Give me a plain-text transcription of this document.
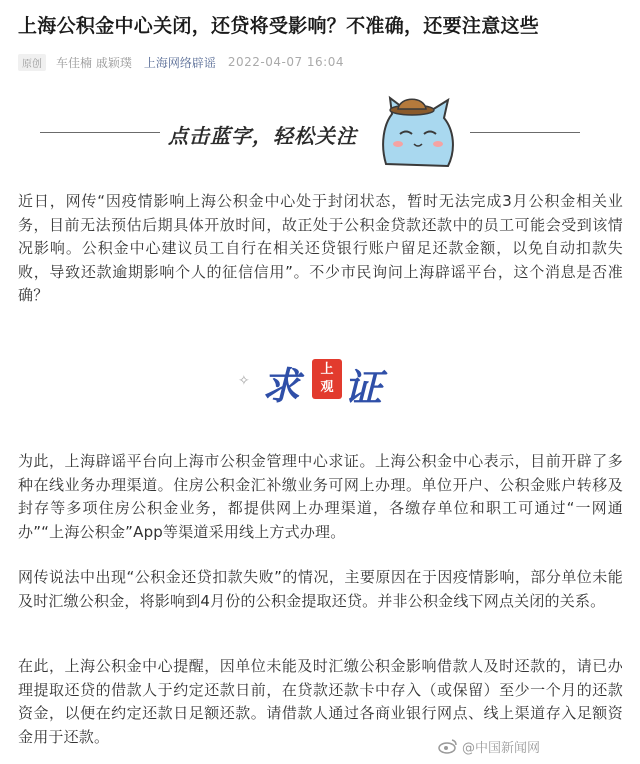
上海公积金中心关闭，还贷将受影响？不准确，还要注意这些
原创	车佳楠 戚颖璞 上海网络辟谣 2022-04-07 16:04
点击蓝字，轻松关注
近日，网传“因疫情影响上海公积金中心处于封闭状态，暂时无法完成3月公积金相关业务，目前无法预估后期具体开放时间，故正处于公积金贷款还款中的员工可能会受到该情况影响。公积金中心建议员工自行在相关还贷银行账户留足还款金额，以免自动扣款失败，导致还款逾期影响个人的征信信用”。不少市民询问上海辟谣平台，这个消息是否准确？
✧ 求	上
观 证
为此，上海辟谣平台向上海市公积金管理中心求证。上海公积金中心表示，目前开辟了多种在线业务办理渠道。住房公积金汇补缴业务可网上办理。单位开户、公积金账户转移及封存等多项住房公积金业务，都提供网上办理渠道，各缴存单位和职工可通过“一网通办”“上海公积金”App等渠道采用线上方式办理。
网传说法中出现“公积金还贷扣款失败”的情况，主要原因在于因疫情影响，部分单位未能及时汇缴公积金，将影响到4月份的公积金提取还贷。并非公积金线下网点关闭的关系。
在此，上海公积金中心提醒，因单位未能及时汇缴公积金影响借款人及时还款的，请已办理提取还贷的借款人于约定还款日前，在贷款还款卡中存入（或保留）至少一个月的还款资金，以便在约定还款日足额还款。请借款人通过各商业银行网点、线上渠道存入足额资金用于还款。
@中国新闻网
